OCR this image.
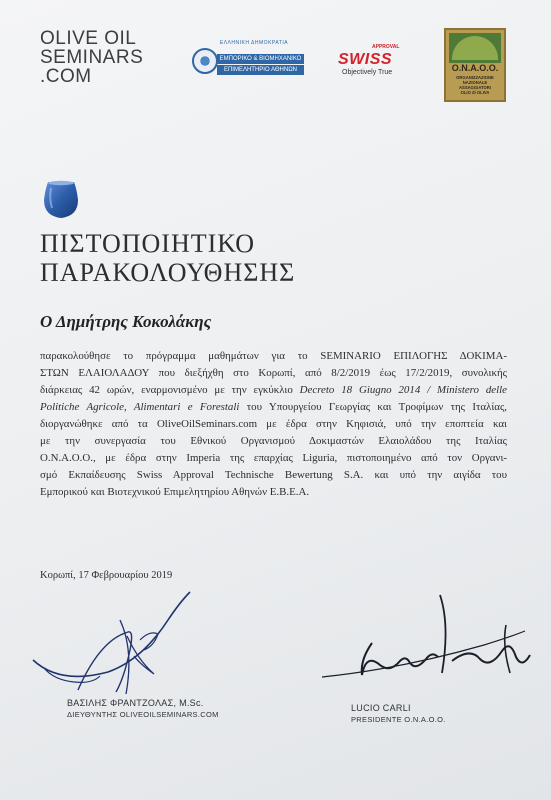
OLIVE OIL
SEMINARS
.COM
ΕΛΛΗΝΙΚΗ ΔΗΜΟΚΡΑΤΙΑ
ΕΜΠΟΡΙΚΟ & ΒΙΟΜΗΧΑΝΙΚΟ
ΕΠΙΜΕΛΗΤΗΡΙΟ ΑΘΗΝΩΝ
APPROVAL
SWISS
Objectively True	O.N.A.O.O.
ORGANIZZAZIONE
NAZIONALE
ASSAGGIATORI
OLIO di OLIVA
ΠΙΣΤΟΠΟΙΗΤΙΚΟ
ΠΑΡΑΚΟΛΟΥΘΗΣΗΣ
Ο Δημήτρης Κοκολάκης
παρακολούθησε το πρόγραμμα μαθημάτων για το SEMINARIO ΕΠΙΛΟΓΗΣ ΔΟΚΙΜΑ-
ΣΤΩΝ ΕΛΑΙΟΛΑΔΟΥ που διεξήχθη στο Κορωπί, από 8/2/2019 έως 17/2/2019, συνολικής
διάρκειας 42 ωρών, εναρμονισμένο με την εγκύκλιο Decreto 18 Giugno 2014 / Ministero delle
Politiche Agricole, Alimentari e Forestali του Υπουργείου Γεωργίας και Τροφίμων της Ιταλίας,
διοργανώθηκε από τα OliveOilSeminars.com με έδρα στην Κηφισιά, υπό την εποπτεία και
με την συνεργασία του Εθνικού Οργανισμού Δοκιμαστών Ελαιολάδου της Ιταλίας
O.N.A.O.O., με έδρα στην Imperia της επαρχίας Liguria, πιστοποιημένο από τον Οργανι-
σμό Εκπαίδευσης Swiss Approval Technische Bewertung S.A. και υπό την αιγίδα του
Εμπορικού και Βιοτεχνικού Επιμελητηρίου Αθηνών Ε.Β.Ε.Α.
Κορωπί, 17 Φεβρουαρίου 2019
ΒΑΣΙΛΗΣ ΦΡΑΝΤΖΟΛΑΣ, M.Sc.
ΔΙΕΥΘΥΝΤΗΣ OLIVEOILSEMINARS.COM
LUCIO CARLI
PRESIDENTE O.N.A.O.O.
